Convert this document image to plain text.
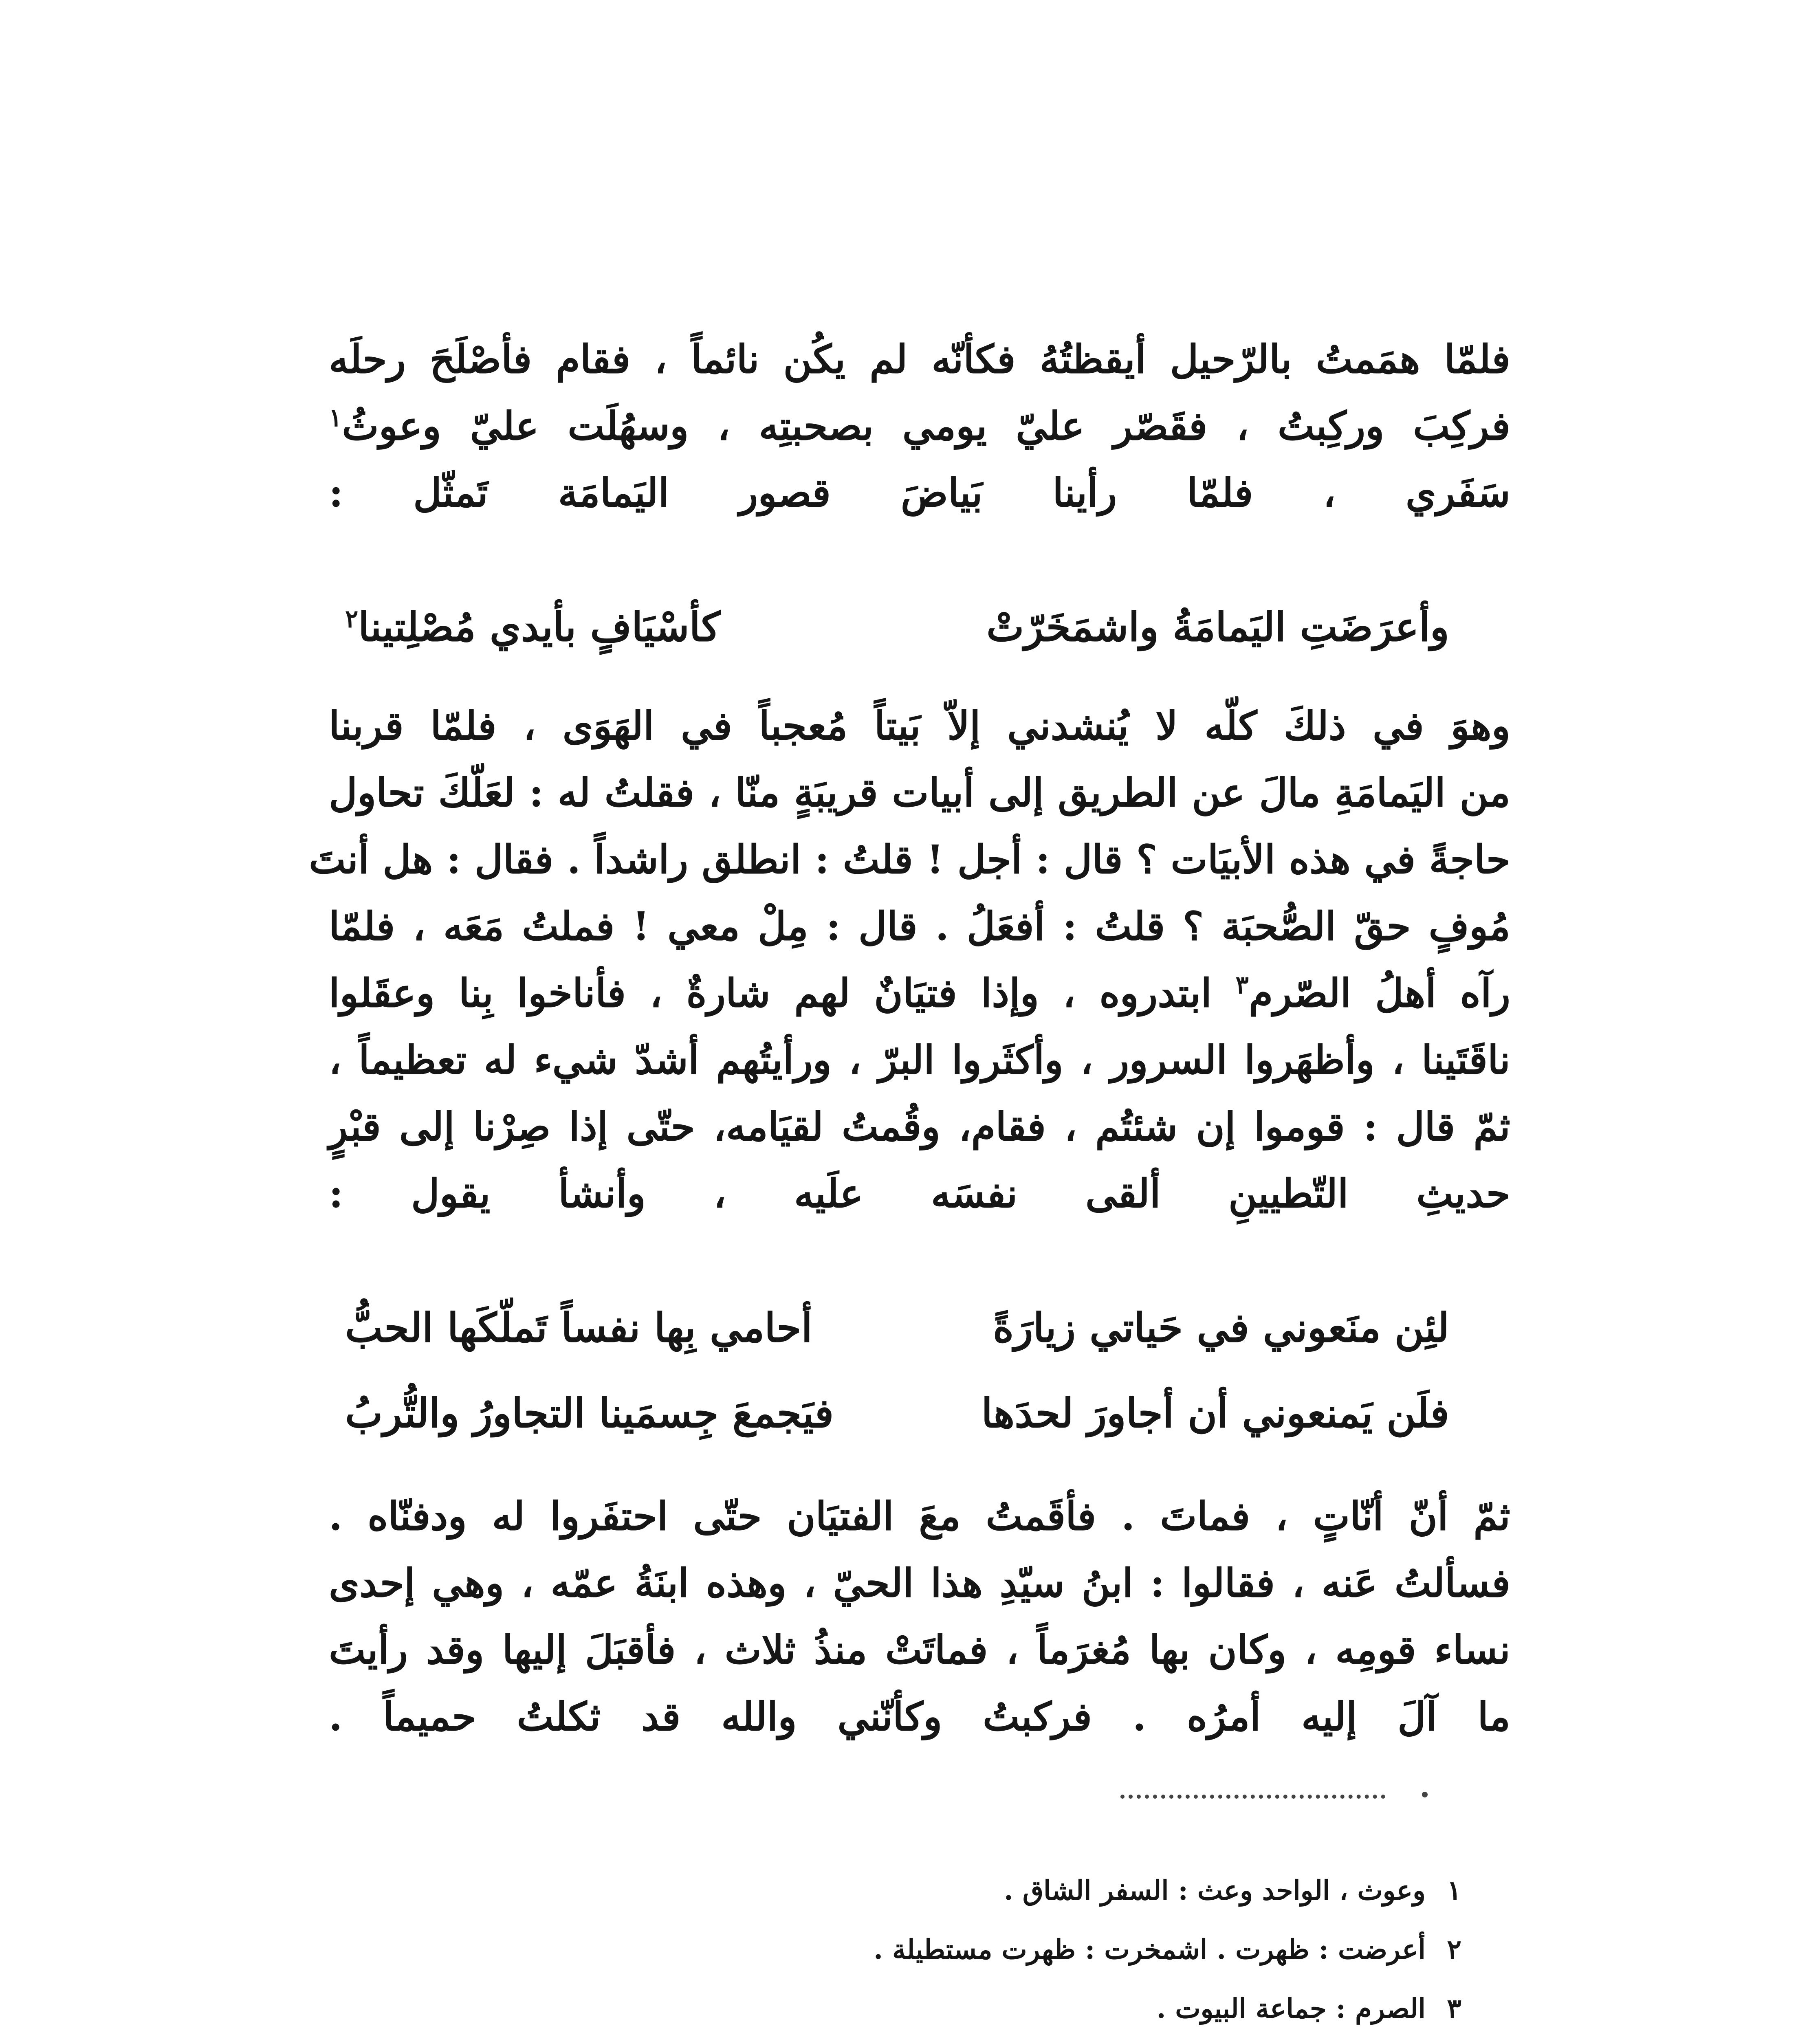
فلمّا همَمتُ بالرّحيل أيقظتُهُ فكأنّه لم يكُن نائماً ، فقام فأصْلَحَ رحلَه
فركِبَ وركِبتُ ، فقَصّر عليّ يومي بصحبتِه ، وسهُلَت عليّ وعوثُ$^١$
سَفَري ، فلمّا رأينا بَياضَ قصور اليَمامَة تَمثّل :
وأعرَضَتِ اليَمامَةُ واشمَخَرّتْ
كأسْيَافٍ بأيدي مُصْلِتينا$^٢$
وهوَ في ذلكَ كلّه لا يُنشدني إلاّ بَيتاً مُعجباً في الهَوَى ، فلمّا قربنا
من اليَمامَةِ مالَ عن الطريق إلى أبيات قريبَةٍ منّا ، فقلتُ له : لعَلّكَ تحاول
حاجةً في هذه الأبيَات ؟ قال : أجل ! قلتُ : انطلق راشداً . فقال : هل أنتَ
مُوفٍ حقّ الصُّحبَة ؟ قلتُ : أفعَلُ . قال : مِلْ معي ! فملتُ مَعَه ، فلمّا
رآه أهلُ الصّرم$^٣$ ابتدروه ، وإذا فتيَانٌ لهم شارةٌ ، فأناخوا بِنا وعقَلوا
ناقَتَينا ، وأظهَروا السرور ، وأكثَروا البرّ ، ورأيتُهم أشدّ شيء له تعظيماً ،
ثمّ قال : قوموا إن شئتُم ، فقام، وقُمتُ لقيَامه، حتّى إذا صِرْنا إلى قبْرٍ
حديثِ التّطيينِ ألقى نفسَه علَيه ، وأنشأ يقول :
لئِن منَعوني في حَياتي زيارَةً
أحامي بِها نفساً تَملّكَها الحبُّ
فلَن يَمنعوني أن أجاورَ لحدَها
فيَجمعَ جِسمَينا التجاورُ والتُّربُ
ثمّ أنّ أنّاتٍ ، فماتَ . فأقَمتُ معَ الفتيَان حتّى احتفَروا له ودفنّاه .
فسألتُ عَنه ، فقالوا : ابنُ سيّدِ هذا الحيّ ، وهذه ابنَةُ عمّه ، وهي إحدى
نساء قومِه ، وكان بها مُغرَماً ، فماتَتْ منذُ ثلاث ، فأقبَلَ إليها وقد رأيتَ
ما آلَ إليه أمرُه . فركبتُ وكأنّني والله قد ثكلتُ حميماً .
١وعوث ، الواحد وعث : السفر الشاق .
٢أعرضت : ظهرت . اشمخرت : ظهرت مستطيلة .
٣الصرم : جماعة البيوت .
